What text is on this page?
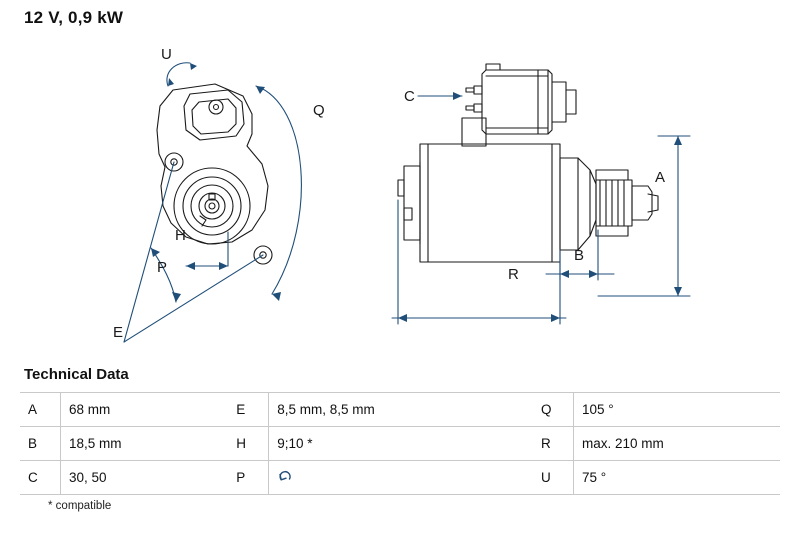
12 V, 0,9 kW
U
Q
H
P
E
C
A
B
R
Technical Data
A	68 mm		E	8,5 mm, 8,5 mm		Q	105 °
B	18,5 mm		H	9;10 *		R	max. 210 mm
C	30, 50		P			U	75 °
* compatible
